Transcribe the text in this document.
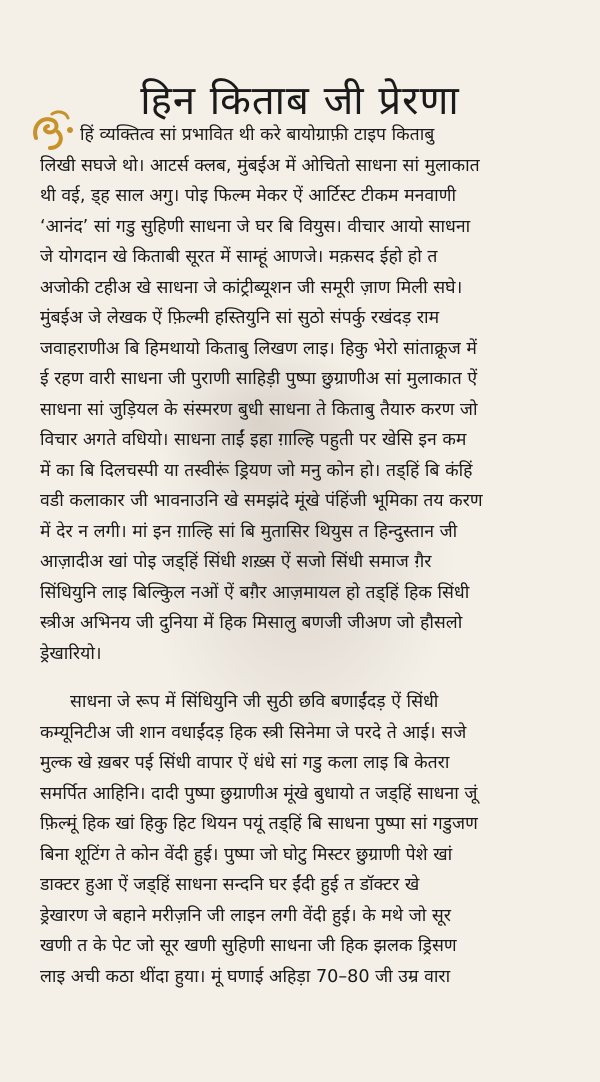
हिन किताब जी प्रेरणा
हिं व्यक्तित्व सां प्रभावित थी करे बायोग्राफ़ी टाइप किताबु
लिखी सघजे थो। आटर्स क्लब, मुंबईअ में ओचितो साधना सां मुलाकात
थी वई, ड्ह साल अगु। पोइ फिल्म मेकर ऐं आर्टिस्ट टीकम मनवाणी
‘आनंद’ सां गडु सुहिणी साधना जे घर बि वियुस। वीचार आयो साधना
जे योगदान खे किताबी सूरत में साम्हूं आणजे। मक़सद ईहो हो त
अजोकी टहीअ खे साधना जे कांट्रीब्यूशन जी समूरी ज़ाण मिली सघे।
मुंबईअ जे लेखक ऐं फ़िल्मी हस्तियुनि सां सुठो संपर्कु रखंदड़ राम
जवाहराणीअ बि हिमथायो किताबु लिखण लाइ। हिकु भेरो सांताक्रूज में
ई रहण वारी साधना जी पुराणी साहिड़ी पुष्पा छुग्राणीअ सां मुलाकात ऐं
साधना सां जुड़ियल के संस्मरण बुधी साधना ते किताबु तैयारु करण जो
विचार अगते वधियो। साधना ताईं इहा ग़ाल्हि पहुती पर खेसि इन कम
में का बि दिलचस्पी या तस्वीरूं ड्रियण जो मनु कोन हो। तड्हिं बि कंहिं
वडी कलाकार जी भावनाउनि खे समझंदे मूंखे पंहिंजी भूमिका तय करण
में देर न लगी। मां इन ग़ाल्हि सां बि मुतासिर थियुस त हिन्दुस्तान जी
आज़ादीअ खां पोइ जड्हिं सिंधी शख़्स ऐं सजो सिंधी समाज ग़ैर
सिंधियुनि लाइ बिल्किुल नओं ऐं बग़ैर आज़मायल हो तड्हिं हिक सिंधी
स्त्रीअ अभिनय जी दुनिया में हिक मिसालु बणजी जीअण जो हौसलो
ड्रेखारियो।
साधना जे रूप में सिंधियुनि जी सुठी छवि बणाईंदड़ ऐं सिंधी
कम्यूनिटीअ जी शान वधाईंदड़ हिक स्त्री सिनेमा जे परदे ते आई। सजे
मुल्क खे ख़बर पई सिंधी वापार ऐं धंधे सां गडु कला लाइ बि केतरा
समर्पित आहिनि। दादी पुष्पा छुग्राणीअ मूंखे बुधायो त जड्हिं साधना जूं
फ़िल्मूं हिक खां हिकु हिट थियन पयूं तड्हिं बि साधना पुष्पा सां गडुजण
बिना शूटिंग ते कोन वेंदी हुई। पुष्पा जो घोटु मिस्टर छुग्राणी पेशे खां
डाक्टर हुआ ऐं जड्हिं साधना सन्दनि घर ईंदी हुई त डॉक्टर खे
ड्रेखारण जे बहाने मरीज़नि जी लाइन लगी वेंदी हुई। के मथे जो सूर
खणी त के पेट जो सूर खणी सुहिणी साधना जी हिक झलक ड्रिसण
लाइ अची कठा थींदा हुया। मूं घणाई अहिड़ा 70–80 जी उम्र वारा
